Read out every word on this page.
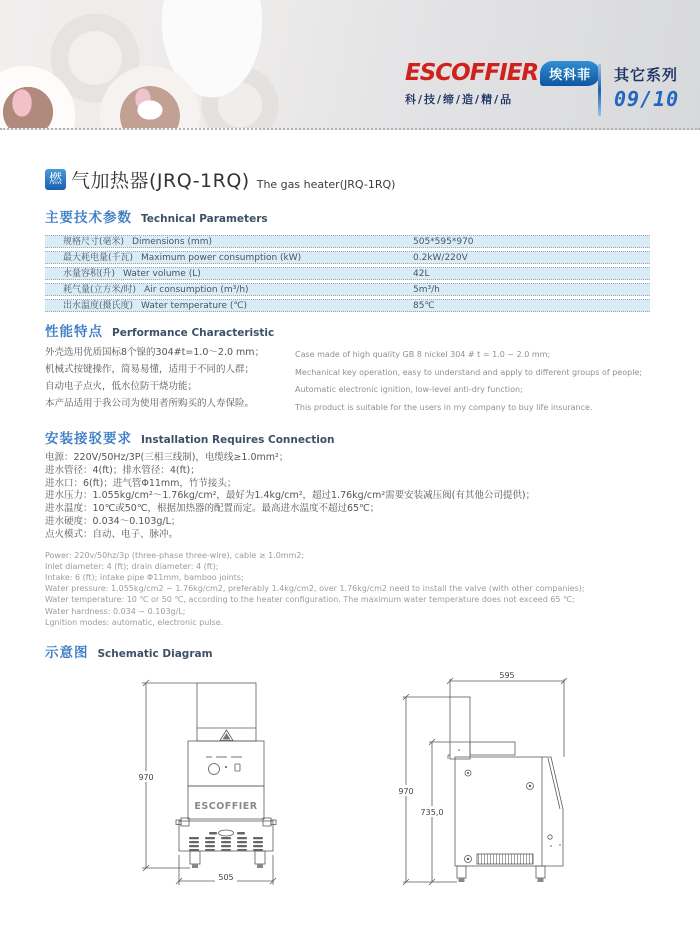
ESCOFFIER 埃科菲
科/技/缔/造/精/品
其它系列
09/10
燃 气加热器(JRQ-1RQ) The gas heater(JRQ-1RQ)
主要技术参数 Technical Parameters
规格尺寸(毫米) Dimensions (mm)	505*595*970
最大耗电量(千瓦) Maximum power consumption (kW)	0.2kW/220V
水量容积(升) Water volume (L)	42L
耗气量(立方米/时) Air consumption (m³/h)	5m³/h
出水温度(摄氏度) Water temperature (℃)	85℃
性能特点 Performance Characteristic
外壳选用优质国标8个镍的304#t=1.0～2.0 mm；
机械式按键操作，简易易懂，适用于不同的人群；
自动电子点火，低水位防干烧功能；
本产品适用于我公司为使用者所购买的人寿保险。
Case made of high quality GB 8 nickel 304 # t = 1.0 ~ 2.0 mm;
Mechanical key operation, easy to understand and apply to different groups of people;
Automatic electronic ignition, low-level anti-dry function;
This product is suitable for the users in my company to buy life insurance.
安装接驳要求 Installation Requires Connection
电源：220V/50Hz/3P(三相三线制)，电缆线≥1.0mm²；
进水管径：4(ft)；排水管径：4(ft)；
进水口：6(ft)；进气管Φ11mm，竹节接头；
进水压力：1.055kg/cm²～1.76kg/cm²，最好为1.4kg/cm²，超过1.76kg/cm²需要安装减压阀(有其他公司提供)；
进水温度：10℃或50℃，根据加热器的配置而定。最高进水温度不超过65℃；
进水硬度：0.034～0.103g/L；
点火模式：自动、电子、脉冲。
Power: 220v/50hz/3p (three-phase three-wire), cable ≥ 1.0mm2;
Inlet diameter: 4 (ft); drain diameter: 4 (ft);
Intake: 6 (ft); intake pipe Φ11mm, bamboo joints;
Water pressure: 1.055kg/cm2 ~ 1.76kg/cm2, preferably 1.4kg/cm2, over 1.76kg/cm2 need to install the valve (with other companies);
Water temperature: 10 ℃ or 50 ℃, according to the heater configuration. The maximum water temperature does not exceed 65 ℃;
Water hardness: 0.034 ~ 0.103g/L;
Lgnition modes: automatic, electronic pulse.
示意图 Schematic Diagram
970
ESCOFFIER
505
595
970
735,0
